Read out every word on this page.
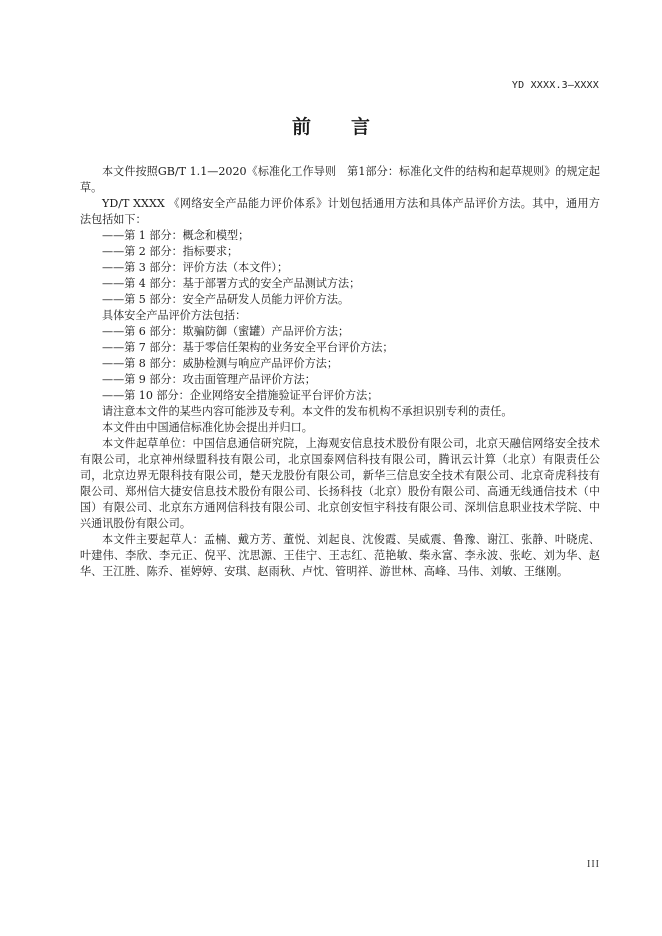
YD XXXX.3—XXXX
前言

本文件按照GB/T 1.1—2020《标准化工作导则　第1部分：标准化文件的结构和起草规则》的规定起草。

YD/T XXXX 《网络安全产品能力评价体系》计划包括通用方法和具体产品评价方法。其中，通用方法包括如下：

——第 1 部分：概念和模型；

——第 2 部分：指标要求；

——第 3 部分：评价方法（本文件）；

——第 4 部分：基于部署方式的安全产品测试方法；

——第 5 部分：安全产品研发人员能力评价方法。

具体安全产品评价方法包括：

——第 6 部分：欺骗防御（蜜罐）产品评价方法；

——第 7 部分：基于零信任架构的业务安全平台评价方法；

——第 8 部分：威胁检测与响应产品评价方法；

——第 9 部分：攻击面管理产品评价方法；

——第 10 部分：企业网络安全措施验证平台评价方法；

请注意本文件的某些内容可能涉及专利。本文件的发布机构不承担识别专利的责任。

本文件由中国通信标准化协会提出并归口。

本文件起草单位：中国信息通信研究院，上海观安信息技术股份有限公司，北京天融信网络安全技术有限公司，北京神州绿盟科技有限公司，北京国泰网信科技有限公司，腾讯云计算（北京）有限责任公司，北京边界无限科技有限公司，楚天龙股份有限公司，新华三信息安全技术有限公司、北京奇虎科技有限公司、郑州信大捷安信息技术股份有限公司、长扬科技（北京）股份有限公司、高通无线通信技术（中国）有限公司、北京东方通网信科技有限公司、北京创安恒宇科技有限公司、深圳信息职业技术学院、中兴通讯股份有限公司。

本文件主要起草人：孟楠、戴方芳、董悦、刘起良、沈俊霞、吴威震、鲁豫、谢江、张静、叶晓虎、叶建伟、李欣、李元正、倪平、沈思源、王佳宁、王志红、范艳敏、柴永富、李永波、张屹、刘为华、赵华、王江胜、陈乔、崔婷婷、安琪、赵雨秋、卢忱、管明祥、游世林、高峰、马伟、刘敏、王继刚。

III
